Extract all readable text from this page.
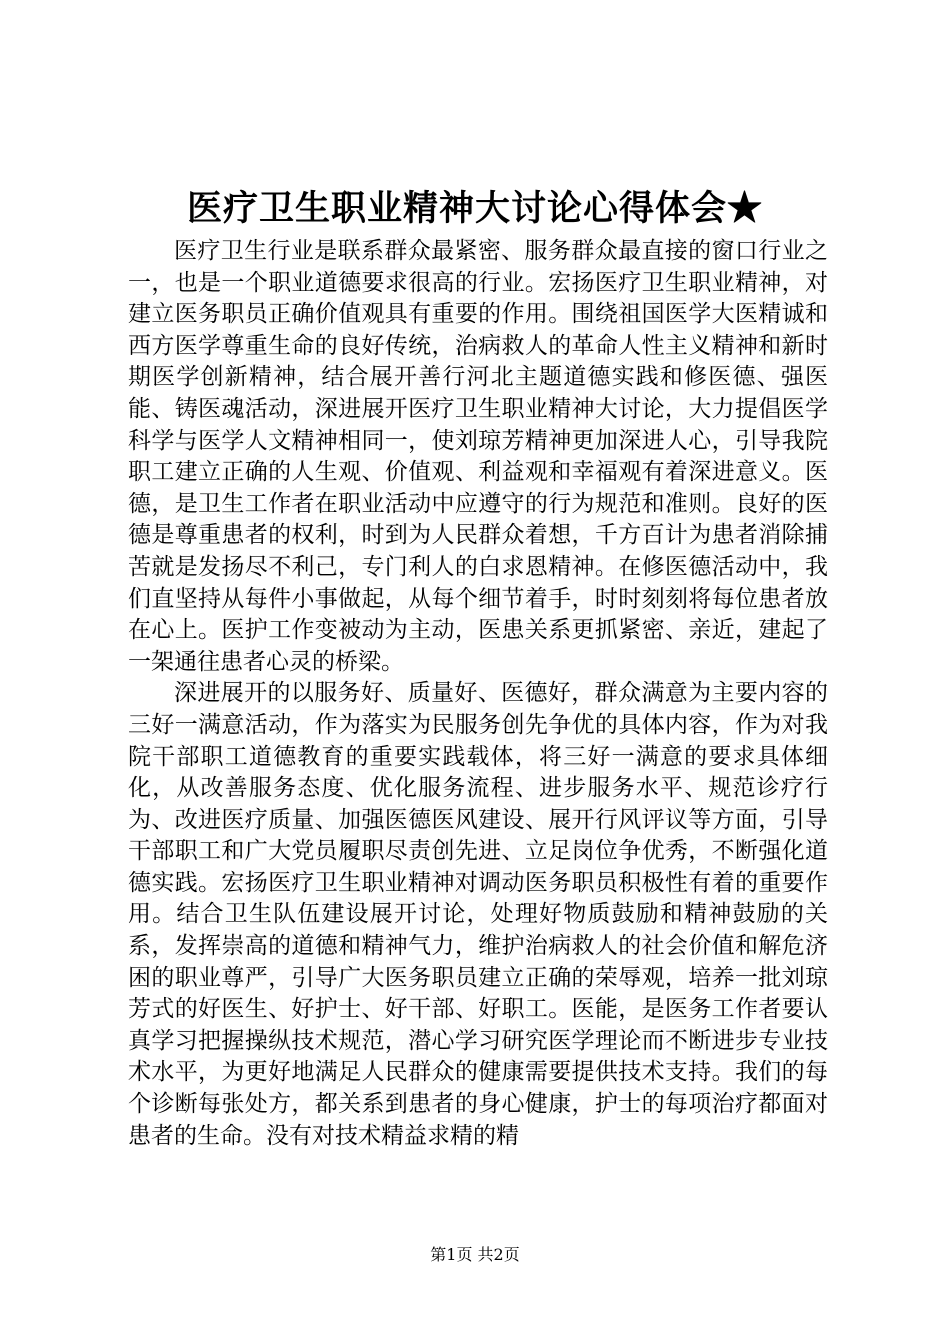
医疗卫生职业精神大讨论心得体会★

医疗卫生行业是联系群众最紧密、服务群众最直接的窗口行业之一，也是一个职业道德要求很高的行业。宏扬医疗卫生职业精神，对建立医务职员正确价值观具有重要的作用。围绕祖国医学大医精诚和西方医学尊重生命的良好传统，治病救人的革命人性主义精神和新时期医学创新精神，结合展开善行河北主题道德实践和修医德、强医能、铸医魂活动，深进展开医疗卫生职业精神大讨论，大力提倡医学科学与医学人文精神相同一，使刘琼芳精神更加深进人心，引导我院职工建立正确的人生观、价值观、利益观和幸福观有着深进意义。医德，是卫生工作者在职业活动中应遵守的行为规范和准则。良好的医德是尊重患者的权利，时到为人民群众着想，千方百计为患者消除捕苦就是发扬尽不利己，专门利人的白求恩精神。在修医德活动中，我们直坚持从每件小事做起，从每个细节着手，时时刻刻将每位患者放在心上。医护工作变被动为主动，医患关系更抓紧密、亲近，建起了一架通往患者心灵的桥梁。

深进展开的以服务好、质量好、医德好，群众满意为主要内容的三好一满意活动，作为落实为民服务创先争优的具体内容，作为对我院干部职工道德教育的重要实践载体，将三好一满意的要求具体细化，从改善服务态度、优化服务流程、进步服务水平、规范诊疗行为、改进医疗质量、加强医德医风建设、展开行风评议等方面，引导干部职工和广大党员履职尽责创先进、立足岗位争优秀，不断强化道德实践。宏扬医疗卫生职业精神对调动医务职员积极性有着的重要作用。结合卫生队伍建设展开讨论，处理好物质鼓励和精神鼓励的关系，发挥崇高的道德和精神气力，维护治病救人的社会价值和解危济困的职业尊严，引导广大医务职员建立正确的荣辱观，培养一批刘琼芳式的好医生、好护士、好干部、好职工。医能，是医务工作者要认真学习把握操纵技术规范，潜心学习研究医学理论而不断进步专业技术水平，为更好地满足人民群众的健康需要提供技术支持。我们的每个诊断每张处方，都关系到患者的身心健康，护士的每项治疗都面对患者的生命。没有对技术精益求精的精

第1页 共2页
